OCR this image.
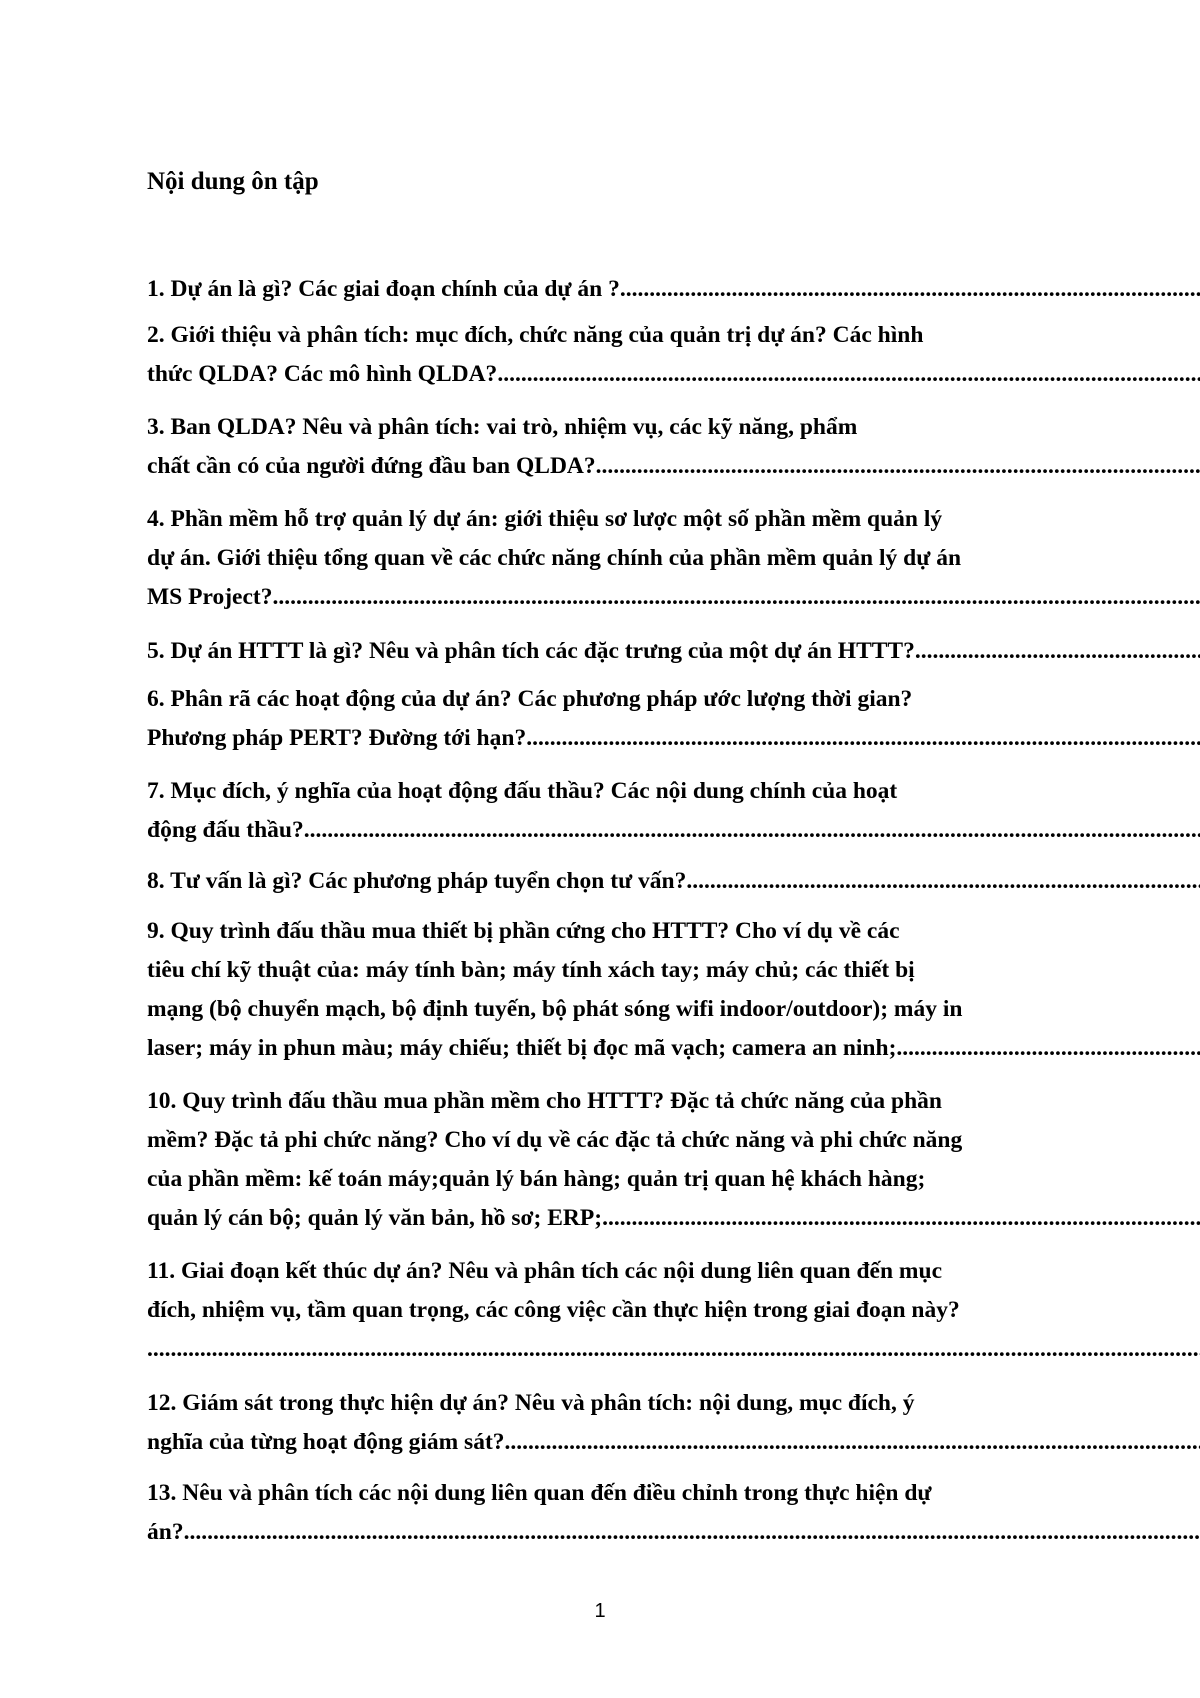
Nội dung ôn tập
1. Dự án là gì? Các giai đoạn chính của dự án ? .....
2. Giới thiệu và phân tích: mục đích, chức năng của quản trị dự án? Các hình
thức QLDA? Các mô hình QLDA? .....
3. Ban QLDA? Nêu và phân tích: vai trò, nhiệm vụ, các kỹ năng, phẩm
chất cần có của người đứng đầu ban QLDA? .....
4. Phần mềm hỗ trợ quản lý dự án: giới thiệu sơ lược một số phần mềm quản lý
dự án. Giới thiệu tổng quan về các chức năng chính của phần mềm quản lý dự án
MS Project? .....
5. Dự án HTTT là gì? Nêu và phân tích các đặc trưng của một dự án HTTT? .....
6. Phân rã các hoạt động của dự án? Các phương pháp ước lượng thời gian?
Phương pháp PERT? Đường tới hạn? .....
7. Mục đích, ý nghĩa của hoạt động đấu thầu? Các nội dung chính của hoạt
động đấu thầu? .....
8. Tư vấn là gì? Các phương pháp tuyển chọn tư vấn? .....
9. Quy trình đấu thầu mua thiết bị phần cứng cho HTTT? Cho ví dụ về các
tiêu chí kỹ thuật của: máy tính bàn; máy tính xách tay; máy chủ; các thiết bị
mạng (bộ chuyển mạch, bộ định tuyến, bộ phát sóng wifi indoor/outdoor); máy in
laser; máy in phun màu; máy chiếu; thiết bị đọc mã vạch; camera an ninh; .....
10. Quy trình đấu thầu mua phần mềm cho HTTT? Đặc tả chức năng của phần
mềm? Đặc tả phi chức năng? Cho ví dụ về các đặc tả chức năng và phi chức năng
của phần mềm: kế toán máy;quản lý bán hàng; quản trị quan hệ khách hàng;
quản lý cán bộ; quản lý văn bản, hồ sơ; ERP; .....
11. Giai đoạn kết thúc dự án? Nêu và phân tích các nội dung liên quan đến mục
đích, nhiệm vụ, tầm quan trọng, các công việc cần thực hiện trong giai đoạn này?
.....
12. Giám sát trong thực hiện dự án? Nêu và phân tích: nội dung, mục đích, ý
nghĩa của từng hoạt động giám sát? .....
13. Nêu và phân tích các nội dung liên quan đến điều chỉnh trong thực hiện dự
án? .....
1
